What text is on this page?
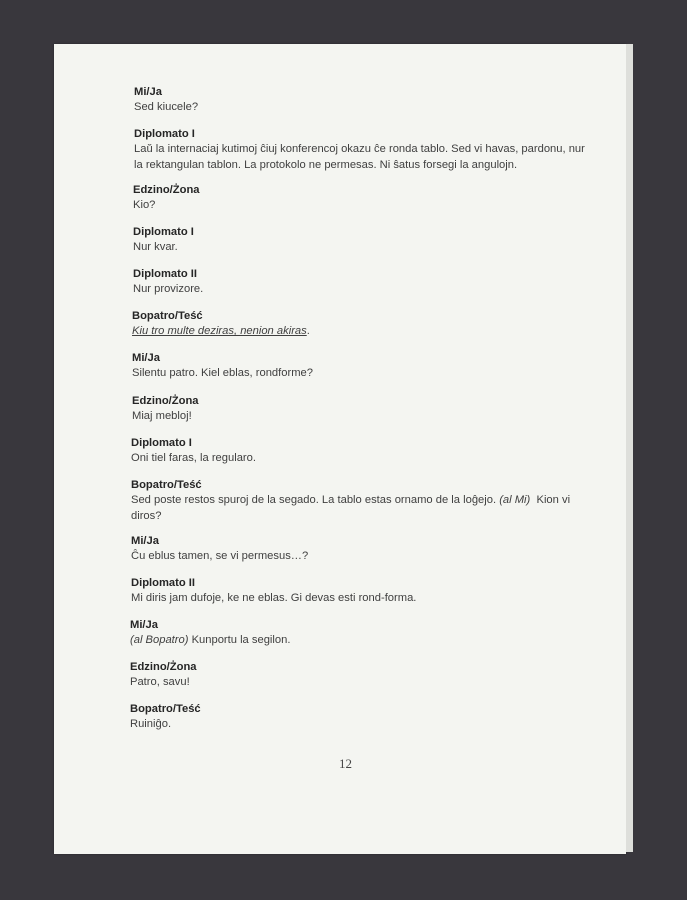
Mi/Ja
Sed kiucele?
Diplomato I
Laŭ la internaciaj kutimoj ĉiuj konferencoj okazu ĉe ronda tablo. Sed vi havas, pardonu, nur
la rektangulan tablon. La protokolo ne permesas. Ni ŝatus forsegi la angulojn.
Edzino/Żona
Kio?
Diplomato I
Nur kvar.
Diplomato II
Nur provizore.
Bopatro/Teść
Kiu tro multe deziras, nenion akiras.
Mi/Ja
Silentu patro. Kiel eblas, rondforme?
Edzino/Żona
Miaj mebloj!
Diplomato I
Oni tiel faras, la regularo.
Bopatro/Teść
Sed poste restos spuroj de la segado. La tablo estas ornamo de la loĝejo. (al Mi) Kion vi
diros?
Mi/Ja
Ĉu eblus tamen, se vi permesus…?
Diplomato II
Mi diris jam dufoje, ke ne eblas. Gi devas esti rond-forma.
Mi/Ja
(al Bopatro) Kunportu la segilon.
Edzino/Żona
Patro, savu!
Bopatro/Teść
Ruiniĝo.
12
